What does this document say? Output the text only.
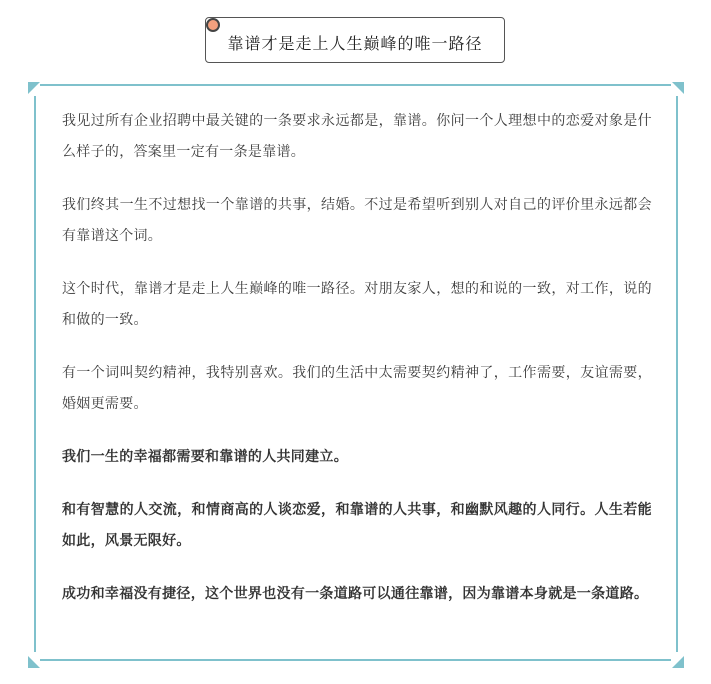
靠谱才是走上人生巅峰的唯一路径

我见过所有企业招聘中最关键的一条要求永远都是，靠谱。你问一个人理想中的恋爱对象是什么样子的，答案里一定有一条是靠谱。

我们终其一生不过想找一个靠谱的共事，结婚。不过是希望听到别人对自己的评价里永远都会有靠谱这个词。

这个时代，靠谱才是走上人生巅峰的唯一路径。对朋友家人，想的和说的一致，对工作，说的和做的一致。

有一个词叫契约精神，我特别喜欢。我们的生活中太需要契约精神了，工作需要，友谊需要，婚姻更需要。

我们一生的幸福都需要和靠谱的人共同建立。

和有智慧的人交流，和情商高的人谈恋爱，和靠谱的人共事，和幽默风趣的人同行。人生若能如此，风景无限好。

成功和幸福没有捷径，这个世界也没有一条道路可以通往靠谱，因为靠谱本身就是一条道路。
